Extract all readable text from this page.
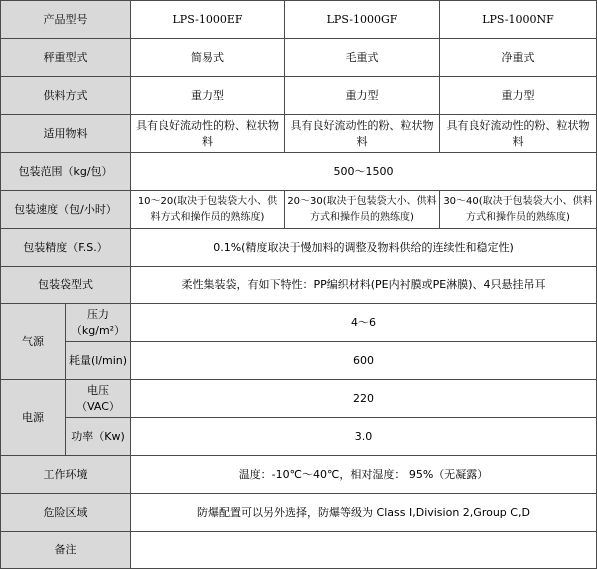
产品型号		LPS-1000EF	LPS-1000GF	LPS-1000NF
秤重型式		简易式	毛重式	净重式
供料方式		重力型	重力型	重力型
适用物料		具有良好流动性的粉、粒状物料	具有良好流动性的粉、粒状物料	具有良好流动性的粉、粒状物料
包装范围（kg/包）		500～1500		
包装速度（包/小时）		10～20(取决于包装袋大小、供料方式和操作员的熟练度)	20～30(取决于包装袋大小、供料方式和操作员的熟练度)	30～40(取决于包装袋大小、供料方式和操作员的熟练度)
包装精度（F.S.）		0.1%(精度取决于慢加料的调整及物料供给的连续性和稳定性)		
包装袋型式		柔性集装袋，有如下特性：PP编织材料(PE内衬膜或PE淋膜)、4只悬挂吊耳		
气源	压力（kg/m²）	4～6		
	耗量(l/min)	600		
电源	电压（VAC）	220		
	功率（Kw)	3.0		
工作环境		温度：-10℃～40℃，相对湿度： 95%（无凝露）		
危险区域		防爆配置可以另外选择，防爆等级为 Class Ⅰ,Division 2,Group C,D		
备注				
